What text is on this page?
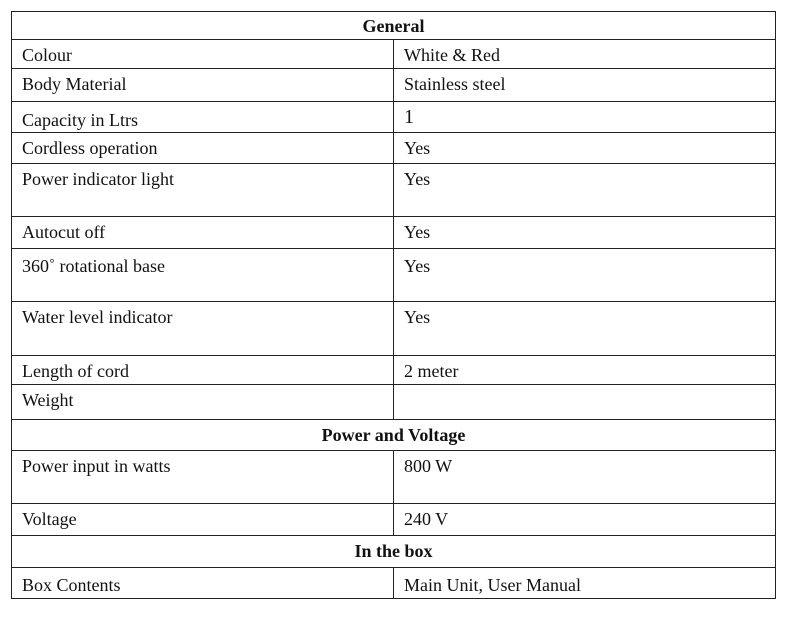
General	
Colour	White & Red
Body Material	Stainless steel
Capacity in Ltrs	1
Cordless operation	Yes
Power indicator light	Yes
Autocut off	Yes
360˚ rotational base	Yes
Water level indicator	Yes
Length of cord	2 meter
Weight	
Power and Voltage	
Power input in watts	800 W
Voltage	240 V
In the box	
Box Contents	Main Unit, User Manual
